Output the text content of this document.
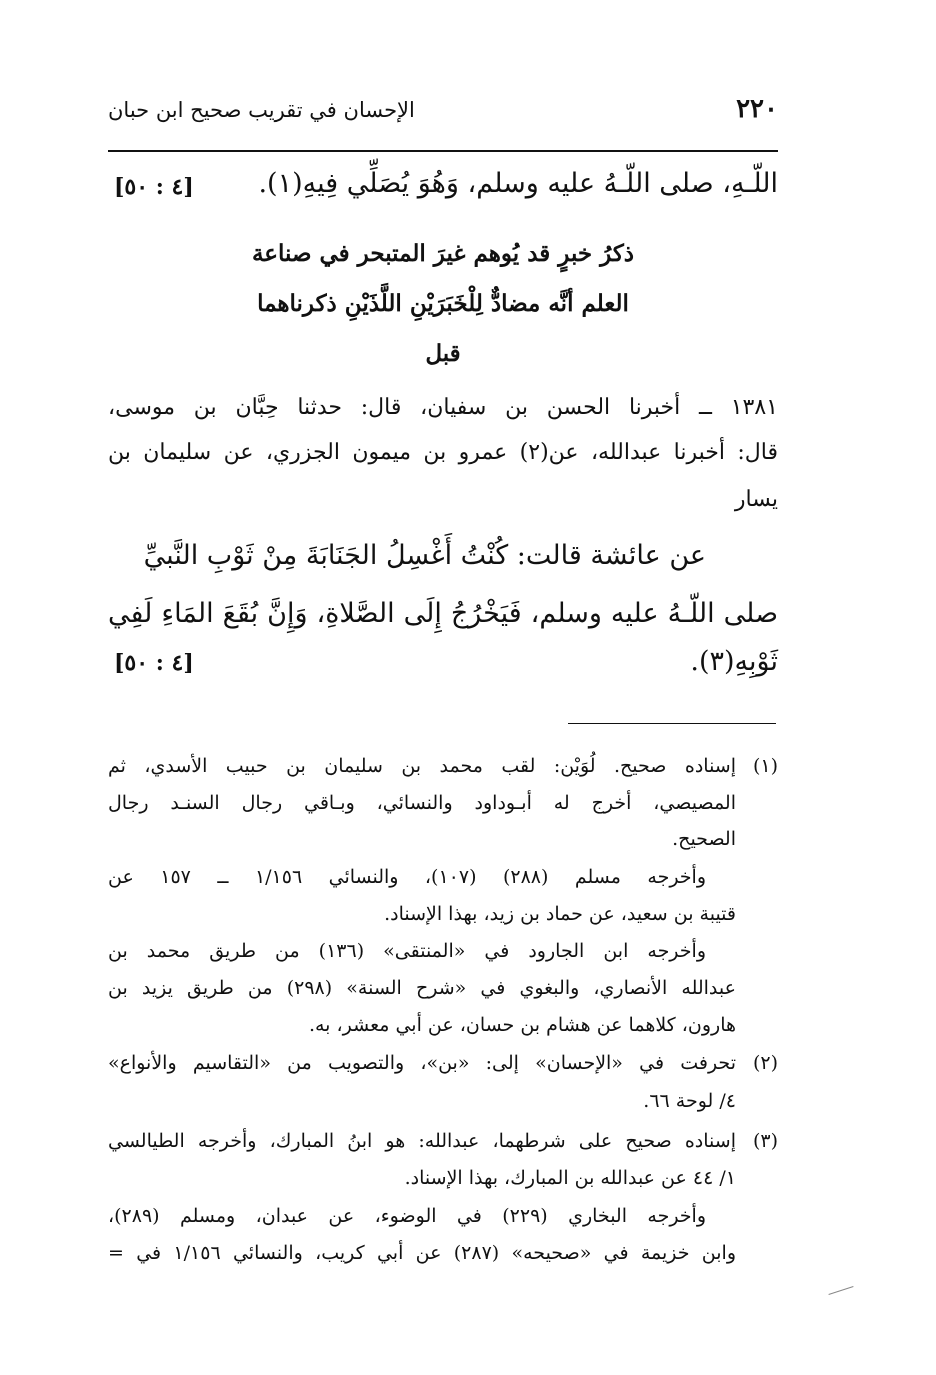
٢٢٠
الإحسان في تقريب صحيح ابن حبان
اللّـهِ، صلى اللّـهُ عليه وسلم، وَهُوَ يُصَلِّي فِيهِ(١).
[٤ : ٥٠]
ذكرُ خبرٍ قد يُوهم غيرَ المتبحر في صناعة
العلم أنَّه مضادٌّ لِلْخَبَرَيْنِ اللَّذَيْنِ ذكرناهما
قبل
١٣٨١ ــ أخبرنا الحسن بن سفيان، قال: حدثنا حِبَّان بن موسى،
قال: أخبرنا عبدالله، عن(٢) عمرو بن ميمون الجزري، عن سليمان بن
يسار
عن عائشة قالت: كُنْتُ أَغْسِلُ الجَنَابَةَ مِنْ ثَوْبِ النَّبيِّ
صلى اللّـهُ عليه وسلم، فَيَخْرُجُ إِلَى الصَّلاةِ، وَإِنَّ بُقَعَ المَاءِ لَفِي
ثَوْبِهِ(٣).
[٤ : ٥٠]
(١)
إسناده صحيح. لُوَيْن: لقب محمد بن سليمان بن حبيب الأسدي، ثم
المصيصي، أخرج له أبـوداود والنسائي، وبـاقي رجال السنـد رجال
الصحيح.
وأخرجه مسلم (٢٨٨) (١٠٧)، والنسائي ١/١٥٦ ــ ١٥٧ عن
قتيبة بن سعيد، عن حماد بن زيد، بهذا الإسناد.
وأخرجه ابن الجارود في «المنتقى» (١٣٦) من طريق محمد بن
عبدالله الأنصاري، والبغوي في «شرح السنة» (٢٩٨) من طريق يزيد بن
هارون، كلاهما عن هشام بن حسان، عن أبي معشر، به.
(٢)
تحرفت في «الإحسان» إلى: «بن»، والتصويب من «التقاسيم والأنواع»
٤/ لوحة ٦٦.
(٣)
إسناده صحيح على شرطهما، عبدالله: هو ابنُ المبارك، وأخرجه الطيالسي
١/ ٤٤ عن عبدالله بن المبارك، بهذا الإسناد.
وأخرجه البخاري (٢٢٩) في الوضوء، عن عبدان، ومسلم (٢٨٩)،
وابن خزيمة في «صحيحه» (٢٨٧) عن أبي كريب، والنسائي ١/١٥٦ في =
